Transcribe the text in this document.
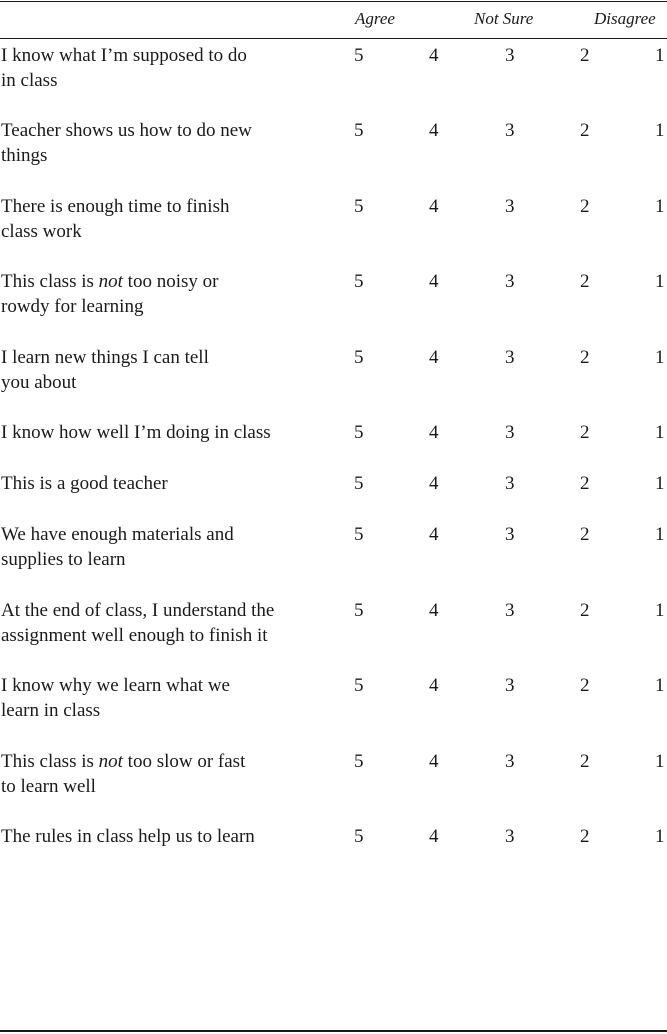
Agree	Not Sure	Disagree
I know what I’m supposed to do
in class
5	4	3	2	1
Teacher shows us how to do new
things
5	4	3	2	1
There is enough time to finish
class work
5	4	3	2	1
This class is not too noisy or
rowdy for learning
5	4	3	2	1
I learn new things I can tell
you about
5	4	3	2	1
I know how well I’m doing in class	5	4	3	2	1
This is a good teacher	5	4	3	2	1
We have enough materials and
supplies to learn
5	4	3	2	1
At the end of class, I understand the
assignment well enough to finish it
5	4	3	2	1
I know why we learn what we
learn in class
5	4	3	2	1
This class is not too slow or fast
to learn well
5	4	3	2	1
The rules in class help us to learn	5	4	3	2	1
